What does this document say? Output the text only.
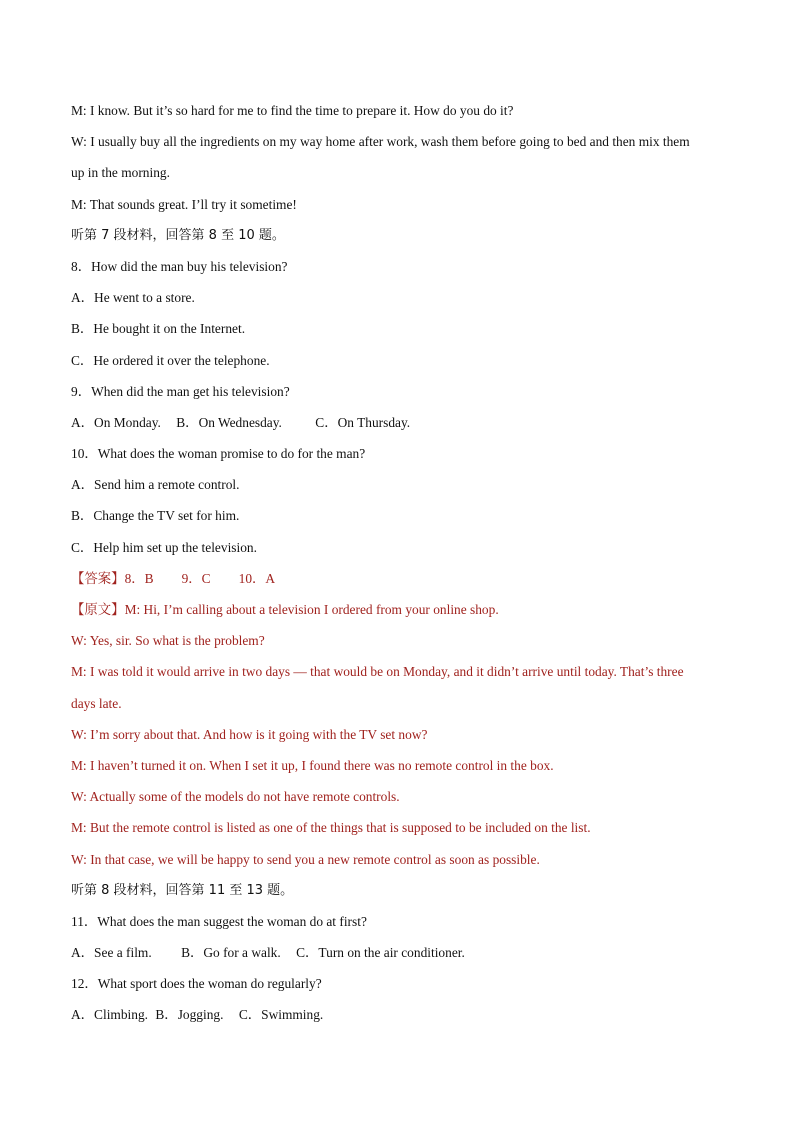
M: I know. But it’s so hard for me to find the time to prepare it. How do you do it?
W: I usually buy all the ingredients on my way home after work, wash them before going to bed and then mix them
up in the morning.
M: That sounds great. I’ll try it sometime!
听第 7 段材料，回答第 8 至 10 题。
8．How did the man buy his television?
A．He went to a store.
B．He bought it on the Internet.
C．He ordered it over the telephone.
9．When did the man get his television?
A．On Monday. B．On Wednesday. C．On Thursday.
10．What does the woman promise to do for the man?
A．Send him a remote control.
B．Change the TV set for him.
C．Help him set up the television.
【答案】8．B 9．C 10．A
【原文】M: Hi, I’m calling about a television I ordered from your online shop.
W: Yes, sir. So what is the problem?
M: I was told it would arrive in two days — that would be on Monday, and it didn’t arrive until today. That’s three
days late.
W: I’m sorry about that. And how is it going with the TV set now?
M: I haven’t turned it on. When I set it up, I found there was no remote control in the box.
W: Actually some of the models do not have remote controls.
M: But the remote control is listed as one of the things that is supposed to be included on the list.
W: In that case, we will be happy to send you a new remote control as soon as possible.
听第 8 段材料，回答第 11 至 13 题。
11．What does the man suggest the woman do at first?
A．See a film. B．Go for a walk. C．Turn on the air conditioner.
12．What sport does the woman do regularly?
A．Climbing. B．Jogging. C．Swimming.
